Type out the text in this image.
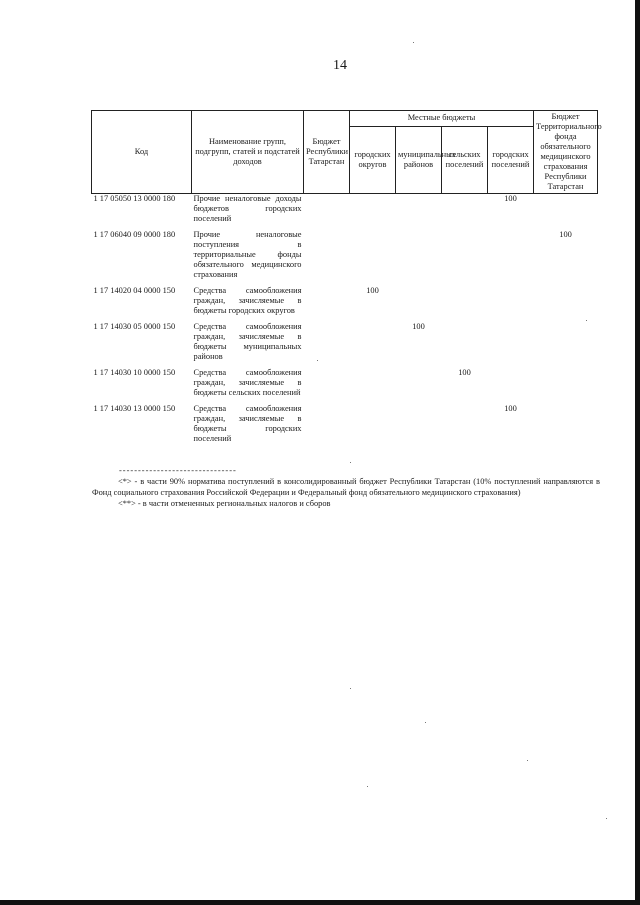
14
Код	Наименование групп, подгрупп, статей и подстатей доходов	Бюджет Республики Татарстан	Местные бюджеты				Бюджет Территориального фонда обязательного медицинского страхования Республики Татарстан
			городских округов	муниципальных районов	сельских поселений	городских поселений	
1 17 05050 13 0000 180	Прочие неналоговые доходы бюджетов городских поселений					100	
1 17 06040 09 0000 180	Прочие неналоговые поступления в территориальные фонды обязательного медицинского страхования						100
1 17 14020 04 0000 150	Средства самообложения граждан, зачисляемые в бюджеты городских округов		100				
1 17 14030 05 0000 150	Средства самообложения граждан, зачисляемые в бюджеты муниципальных районов			100			
1 17 14030 10 0000 150	Средства самообложения граждан, зачисляемые в бюджеты сельских поселений				100		
1 17 14030 13 0000 150	Средства самообложения граждан, зачисляемые в бюджеты городских поселений					100	
-------------------------------

<*> - в части 90% норматива поступлений в консолидированный бюджет Республики Татарстан (10% поступлений направляются в Фонд социального страхования Российской Федерации и Федеральный фонд обязательного медицинского страхования)

<**> - в части отмененных региональных налогов и сборов
